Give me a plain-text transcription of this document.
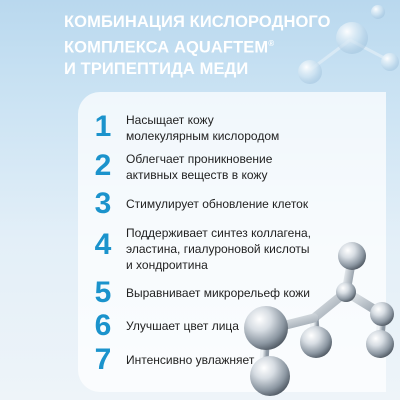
КОМБИНАЦИЯ КИСЛОРОДНОГО
КОМПЛЕКСА AQUAFTEM®
И ТРИПЕПТИДА МЕДИ
1	Насыщает кожу
молекулярным кислородом
2	Облегчает проникновение
активных веществ в кожу
3	Стимулирует обновление клеток
4	Поддерживает синтез коллагена,
эластина, гиалуроновой кислоты
и хондроитина
5	Выравнивает микрорельеф кожи
6	Улучшает цвет лица
7	Интенсивно увлажняет
